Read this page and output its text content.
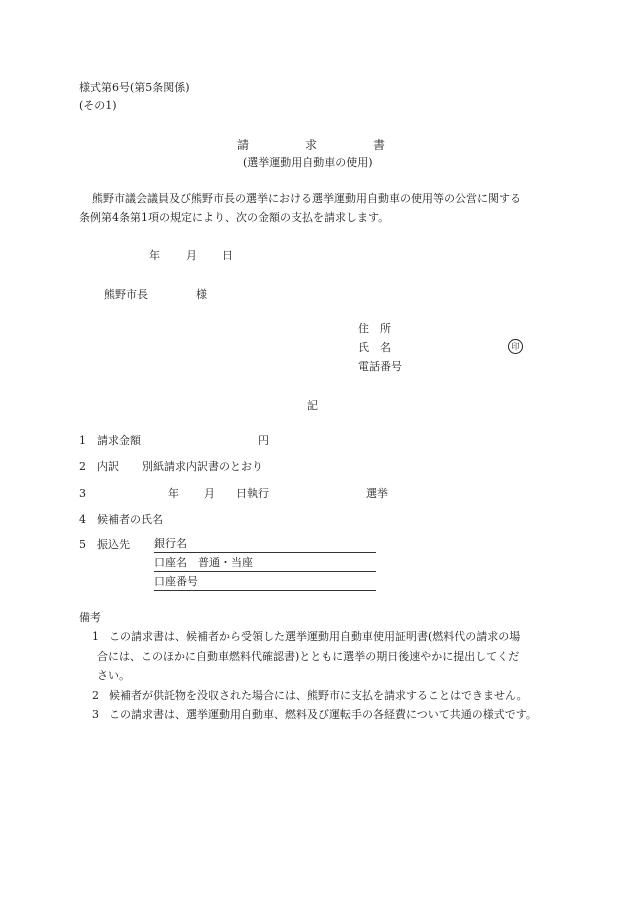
様式第6号(第5条関係)
(その1)
請	求	書
(選挙運動用自動車の使用)
熊野市議会議員及び熊野市長の選挙における選挙運動用自動車の使用等の公営に関する
条例第4条第1項の規定により、次の金額の支払を請求します。
年 月 日
熊野市長	様
住　所
氏　名	印
電話番号
記
1 請求金額	円
2 内訳 別紙請求内訳書のとおり
3	年 月 日執行	選挙
4 候補者の氏名
5 振込先 銀行名
口座名　普通・当座
口座番号
備考
1 この請求書は、候補者から受領した選挙運動用自動車使用証明書(燃料代の請求の場
合には、このほかに自動車燃料代確認書)とともに選挙の期日後速やかに提出してくだ
さい。
2 候補者が供託物を没収された場合には、熊野市に支払を請求することはできません。
3 この請求書は、選挙運動用自動車、燃料及び運転手の各経費について共通の様式です。
